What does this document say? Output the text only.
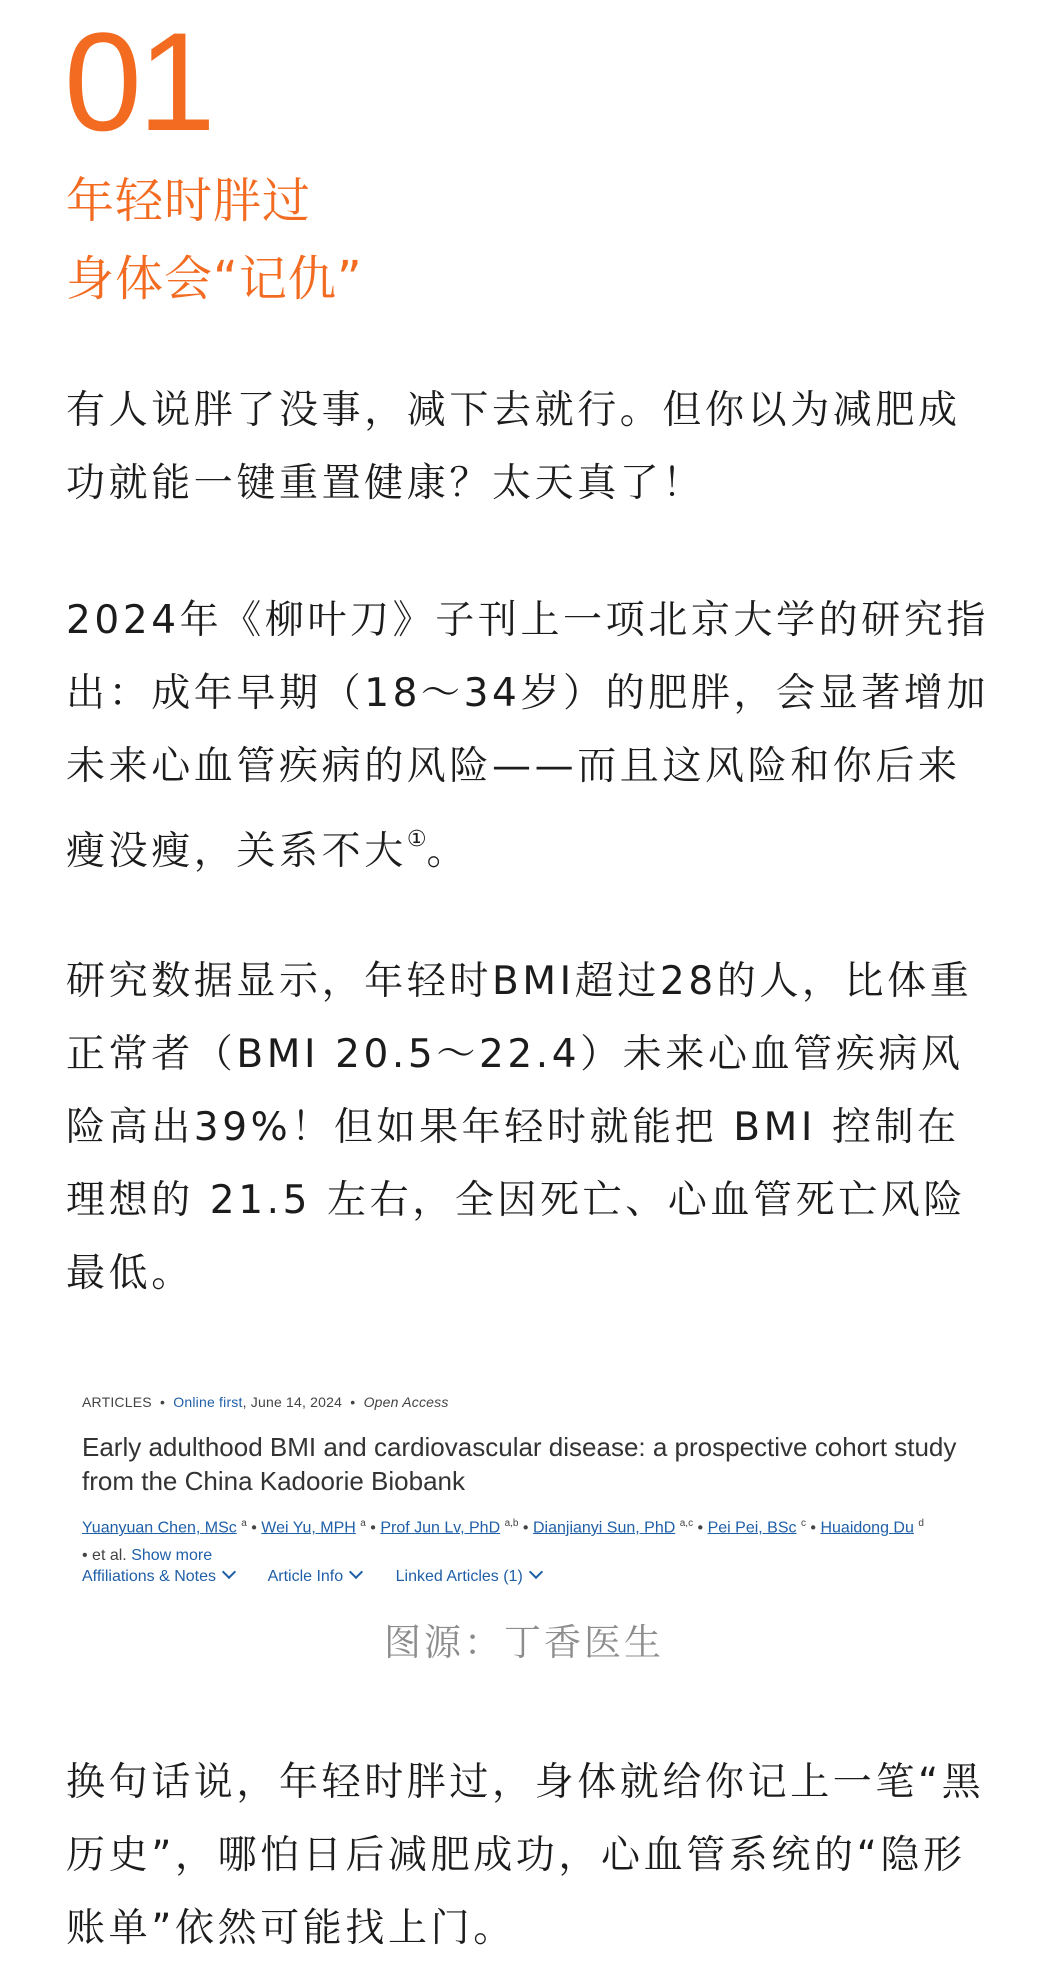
01
年轻时胖过
身体会“记仇”

有人说胖了没事，减下去就行。但你以为减肥成功就能一键重置健康？太天真了！

2024年《柳叶刀》子刊上一项北京大学的研究指出：成年早期（18～34岁）的肥胖，会显著增加未来心血管疾病的风险——而且这风险和你后来瘦没瘦，关系不大①。

研究数据显示，年轻时BMI超过28的人，比体重正常者（BMI 20.5～22.4）未来心血管疾病风险高出39%！但如果年轻时就能把 BMI 控制在理想的 21.5 左右，全因死亡、心血管死亡风险最低。

ARTICLES  •  Online first, June 14, 2024  •  Open Access
Early adulthood BMI and cardiovascular disease: a prospective cohort study from the China Kadoorie Biobank
Yuanyuan Chen, MSc $^a$ • Wei Yu, MPH $^a$ • Prof Jun Lv, PhD $^{a,b}$ • Dianjianyi Sun, PhD $^{a,c}$ • Pei Pei, BSc $^c$ • Huaidong Du $^d$
• et al. Show more
Affiliations & Notes	Article Info	Linked Articles (1)
图源：丁香医生

换句话说，年轻时胖过，身体就给你记上一笔“黑历史”，哪怕日后减肥成功，心血管系统的“隐形账单”依然可能找上门。
